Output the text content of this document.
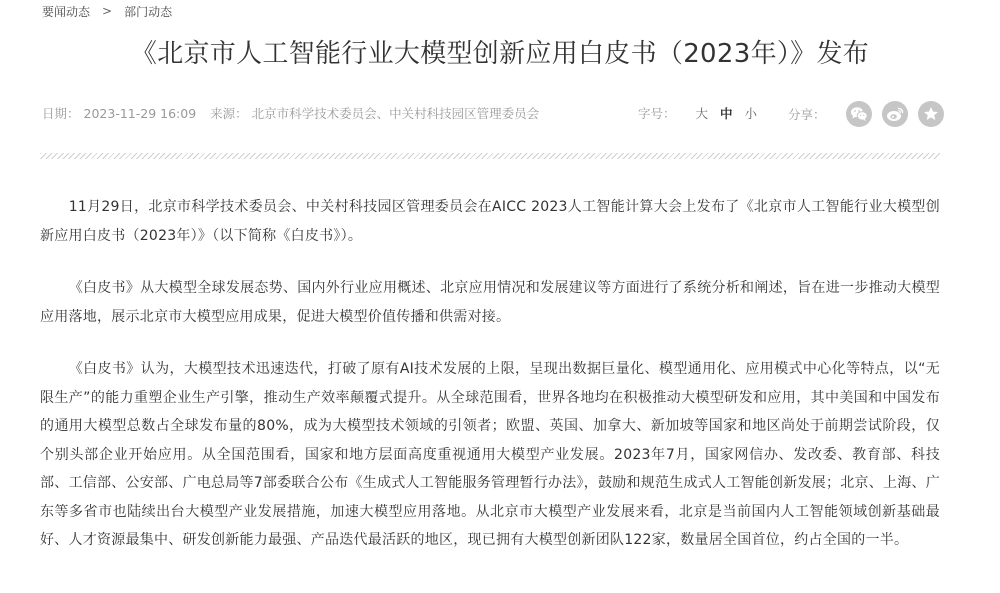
要闻动态 > 部门动态
《北京市人工智能行业大模型创新应用白皮书（2023年）》发布
日期： 2023-11-29 16:09 来源： 北京市科学技术委员会、中关村科技园区管理委员会	字号： 大 中 小 分享：

11月29日，北京市科学技术委员会、中关村科技园区管理委员会在AICC 2023人工智能计算大会上发布了《北京市人工智能行业大模型创新应用白皮书（2023年）》（以下简称《白皮书》）。

《白皮书》从大模型全球发展态势、国内外行业应用概述、北京应用情况和发展建议等方面进行了系统分析和阐述，旨在进一步推动大模型应用落地，展示北京市大模型应用成果，促进大模型价值传播和供需对接。

《白皮书》认为，大模型技术迅速迭代，打破了原有AI技术发展的上限，呈现出数据巨量化、模型通用化、应用模式中心化等特点，以“无限生产”的能力重塑企业生产引擎，推动生产效率颠覆式提升。从全球范围看，世界各地均在积极推动大模型研发和应用，其中美国和中国发布的通用大模型总数占全球发布量的80%，成为大模型技术领域的引领者；欧盟、英国、加拿大、新加坡等国家和地区尚处于前期尝试阶段，仅个别头部企业开始应用。从全国范围看，国家和地方层面高度重视通用大模型产业发展。2023年7月，国家网信办、发改委、教育部、科技部、工信部、公安部、广电总局等7部委联合公布《生成式人工智能服务管理暂行办法》，鼓励和规范生成式人工智能创新发展；北京、上海、广东等多省市也陆续出台大模型产业发展措施，加速大模型应用落地。从北京市大模型产业发展来看，北京是当前国内人工智能领域创新基础最好、人才资源最集中、研发创新能力最强、产品迭代最活跃的地区，现已拥有大模型创新团队122家，数量居全国首位，约占全国的一半。
